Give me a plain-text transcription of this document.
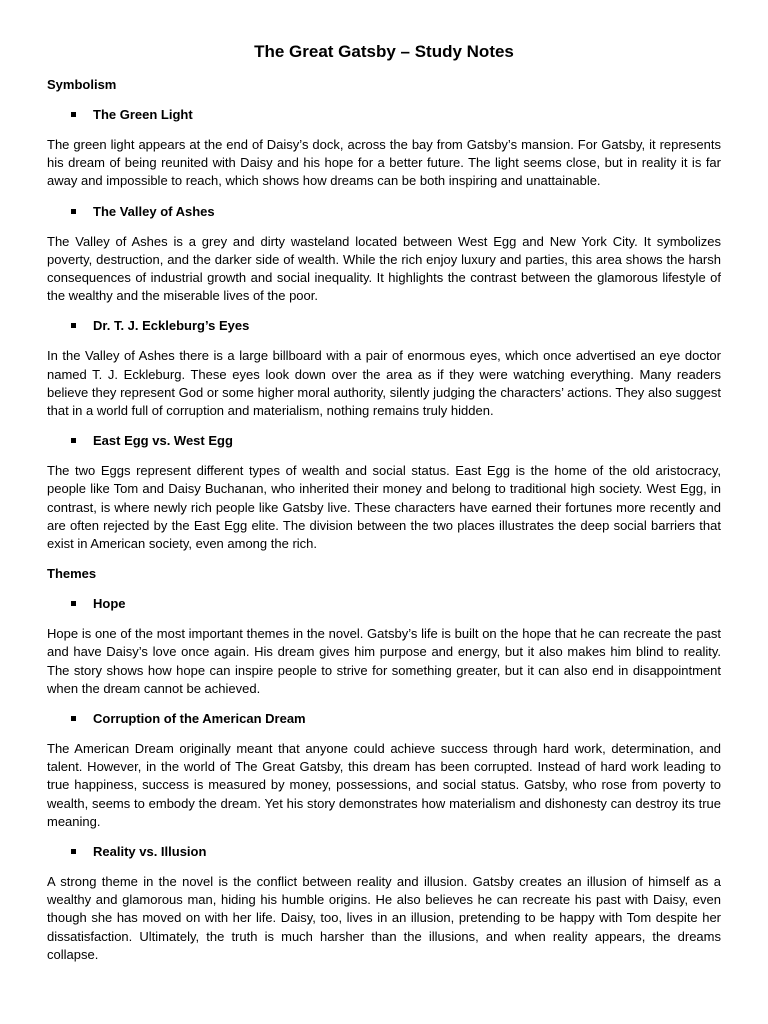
The Great Gatsby – Study Notes
Symbolism
The Green Light

The green light appears at the end of Daisy’s dock, across the bay from Gatsby’s mansion. For Gatsby, it represents his dream of being reunited with Daisy and his hope for a better future. The light seems close, but in reality it is far away and impossible to reach, which shows how dreams can be both inspiring and unattainable.

The Valley of Ashes

The Valley of Ashes is a grey and dirty wasteland located between West Egg and New York City. It symbolizes poverty, destruction, and the darker side of wealth. While the rich enjoy luxury and parties, this area shows the harsh consequences of industrial growth and social inequality. It highlights the contrast between the glamorous lifestyle of the wealthy and the miserable lives of the poor.

Dr. T. J. Eckleburg’s Eyes

In the Valley of Ashes there is a large billboard with a pair of enormous eyes, which once advertised an eye doctor named T. J. Eckleburg. These eyes look down over the area as if they were watching everything. Many readers believe they represent God or some higher moral authority, silently judging the characters’ actions. They also suggest that in a world full of corruption and materialism, nothing remains truly hidden.

East Egg vs. West Egg

The two Eggs represent different types of wealth and social status. East Egg is the home of the old aristocracy, people like Tom and Daisy Buchanan, who inherited their money and belong to traditional high society. West Egg, in contrast, is where newly rich people like Gatsby live. These characters have earned their fortunes more recently and are often rejected by the East Egg elite. The division between the two places illustrates the deep social barriers that exist in American society, even among the rich.

Themes
Hope

Hope is one of the most important themes in the novel. Gatsby’s life is built on the hope that he can recreate the past and have Daisy’s love once again. His dream gives him purpose and energy, but it also makes him blind to reality. The story shows how hope can inspire people to strive for something greater, but it can also end in disappointment when the dream cannot be achieved.

Corruption of the American Dream

The American Dream originally meant that anyone could achieve success through hard work, determination, and talent. However, in the world of The Great Gatsby, this dream has been corrupted. Instead of hard work leading to true happiness, success is measured by money, possessions, and social status. Gatsby, who rose from poverty to wealth, seems to embody the dream. Yet his story demonstrates how materialism and dishonesty can destroy its true meaning.

Reality vs. Illusion

A strong theme in the novel is the conflict between reality and illusion. Gatsby creates an illusion of himself as a wealthy and glamorous man, hiding his humble origins. He also believes he can recreate his past with Daisy, even though she has moved on with her life. Daisy, too, lives in an illusion, pretending to be happy with Tom despite her dissatisfaction. Ultimately, the truth is much harsher than the illusions, and when reality appears, the dreams collapse.
